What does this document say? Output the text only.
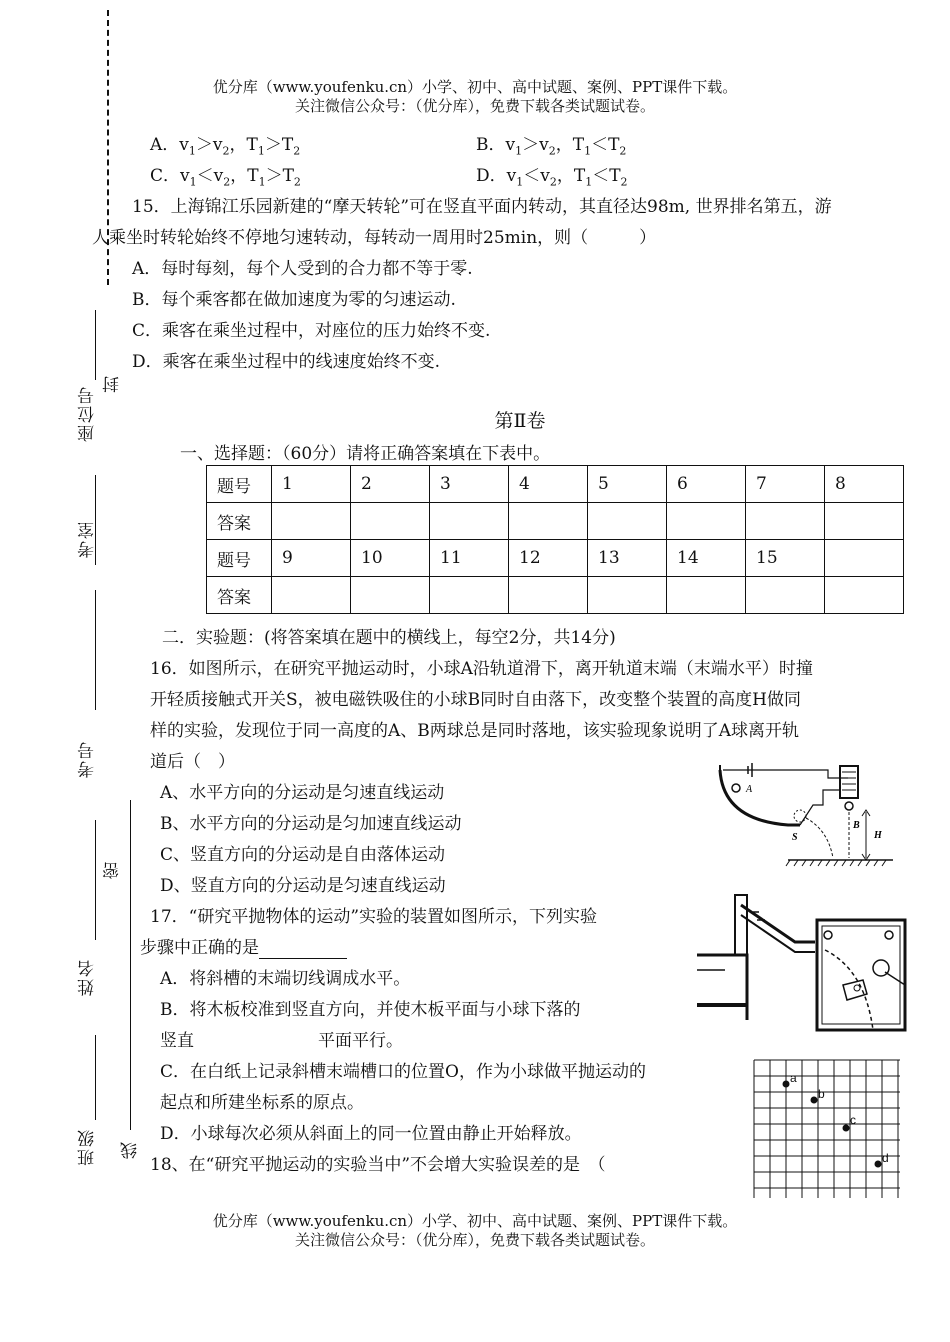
优分库（www.youfenku.cn）小学、初中、高中试题、案例、PPT课件下载。
关注微信公众号：（优分库），免费下载各类试题试卷。
座位号
封
考室
考号
姓名
班级
密
线
A．$v_1>v_2$，$T_1>T_2$	B．$v_1>v_2$，$T_1<T_2$
C．$v_1<v_2$，$T_1>T_2$	D．$v_1<v_2$，$T_1<T_2$
15．上海锦江乐园新建的“摩天转轮”可在竖直平面内转动，其直径达98m, 世界排名第五，游
人乘坐时转轮始终不停地匀速转动，每转动一周用时25min，则（　　　）
A．每时每刻，每个人受到的合力都不等于零.
B．每个乘客都在做加速度为零的匀速运动.
C．乘客在乘坐过程中，对座位的压力始终不变.
D．乘客在乘坐过程中的线速度始终不变.
第Ⅱ卷
一、选择题：（60分）请将正确答案填在下表中。
题号	1	2	3	4	5	6	7	8
答案								
题号	9	10	11	12	13	14	15	
答案								
二．实验题：(将答案填在题中的横线上，每空2分，共14分)
16．如图所示，在研究平抛运动时，小球A沿轨道滑下，离开轨道末端（末端水平）时撞
开轻质接触式开关S，被电磁铁吸住的小球B同时自由落下，改变整个装置的高度H做同
样的实验，发现位于同一高度的A、B两球总是同时落地，该实验现象说明了A球离开轨
道后（　）
A、水平方向的分运动是匀速直线运动
B、水平方向的分运动是匀加速直线运动
C、竖直方向的分运动是自由落体运动
D、竖直方向的分运动是匀速直线运动
A
S
B
H
17．“研究平抛物体的运动”实验的装置如图所示，下列实验
步骤中正确的是
A．将斜槽的末端切线调成水平。
B．将木板校准到竖直方向，并使木板平面与小球下落的
竖直	平面平行。
C．在白纸上记录斜槽末端槽口的位置O，作为小球做平抛运动的
起点和所建坐标系的原点。
D．小球每次必须从斜面上的同一位置由静止开始释放。
a
b
c
d
18、在“研究平抛运动的实验当中”不会增大实验误差的是　（
优分库（www.youfenku.cn）小学、初中、高中试题、案例、PPT课件下载。
关注微信公众号：（优分库），免费下载各类试题试卷。
